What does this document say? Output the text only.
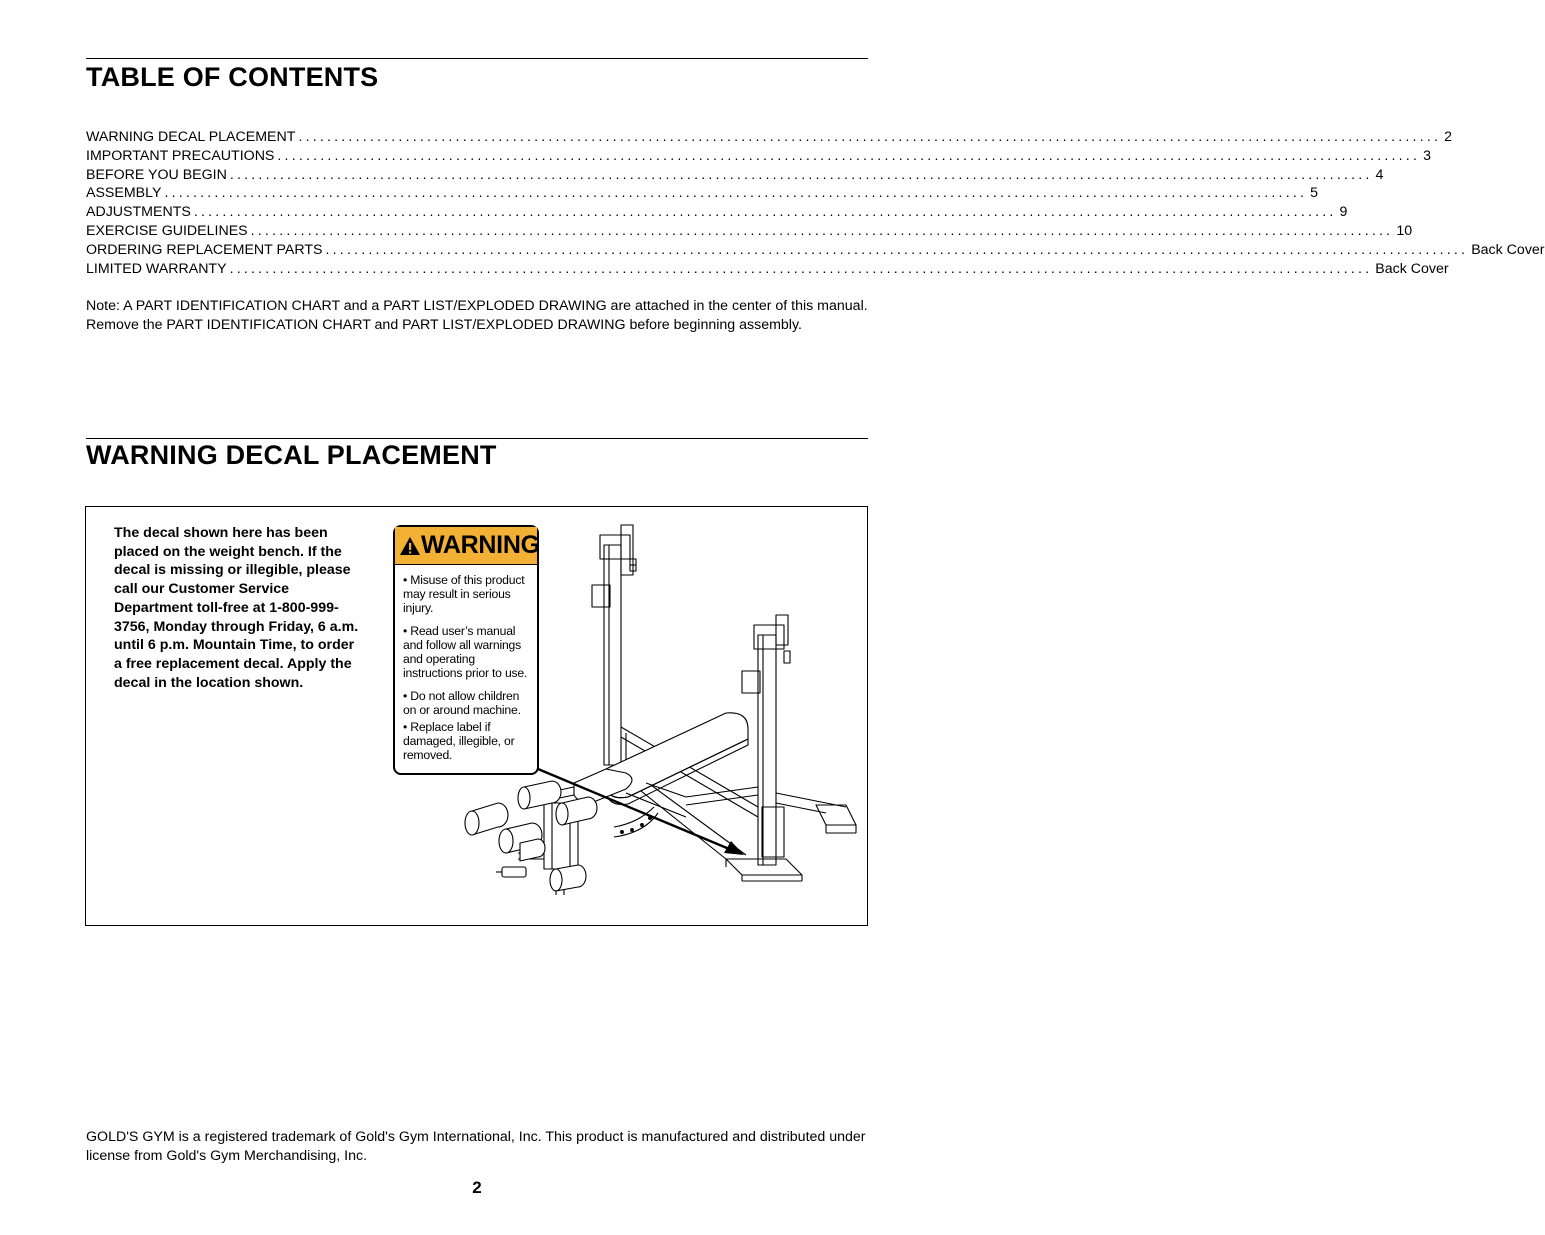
TABLE OF CONTENTS
WARNING DECAL PLACEMENT ................................................................................................................................................................ 2
IMPORTANT PRECAUTIONS ................................................................................................................................................................ 3
BEFORE YOU BEGIN ................................................................................................................................................................ 4
ASSEMBLY ................................................................................................................................................................ 5
ADJUSTMENTS ................................................................................................................................................................ 9
EXERCISE GUIDELINES ................................................................................................................................................................ 10
ORDERING REPLACEMENT PARTS ................................................................................................................................................................ Back Cover
LIMITED WARRANTY ................................................................................................................................................................ Back Cover

Note: A PART IDENTIFICATION CHART and a PART LIST/EXPLODED DRAWING are attached in the center of this manual. Remove the PART IDENTIFICATION CHART and PART LIST/EXPLODED DRAWING before beginning assembly.

WARNING DECAL PLACEMENT

The decal shown here has been placed on the weight bench. If the decal is missing or illegible, please call our Customer Service Department toll-free at 1-800-999-3756, Monday through Friday, 6 a.m. until 6 p.m. Mountain Time, to order a free replacement decal. Apply the decal in the location shown.

WARNING

• Misuse of this product may result in serious injury.

• Read user’s manual and follow all warnings and operating instructions prior to use.

• Do not allow children on or around machine.

• Replace label if damaged, illegible, or removed.

GOLD'S GYM is a registered trademark of Gold's Gym International, Inc. This product is manufactured and distributed under license from Gold's Gym Merchandising, Inc.

2
